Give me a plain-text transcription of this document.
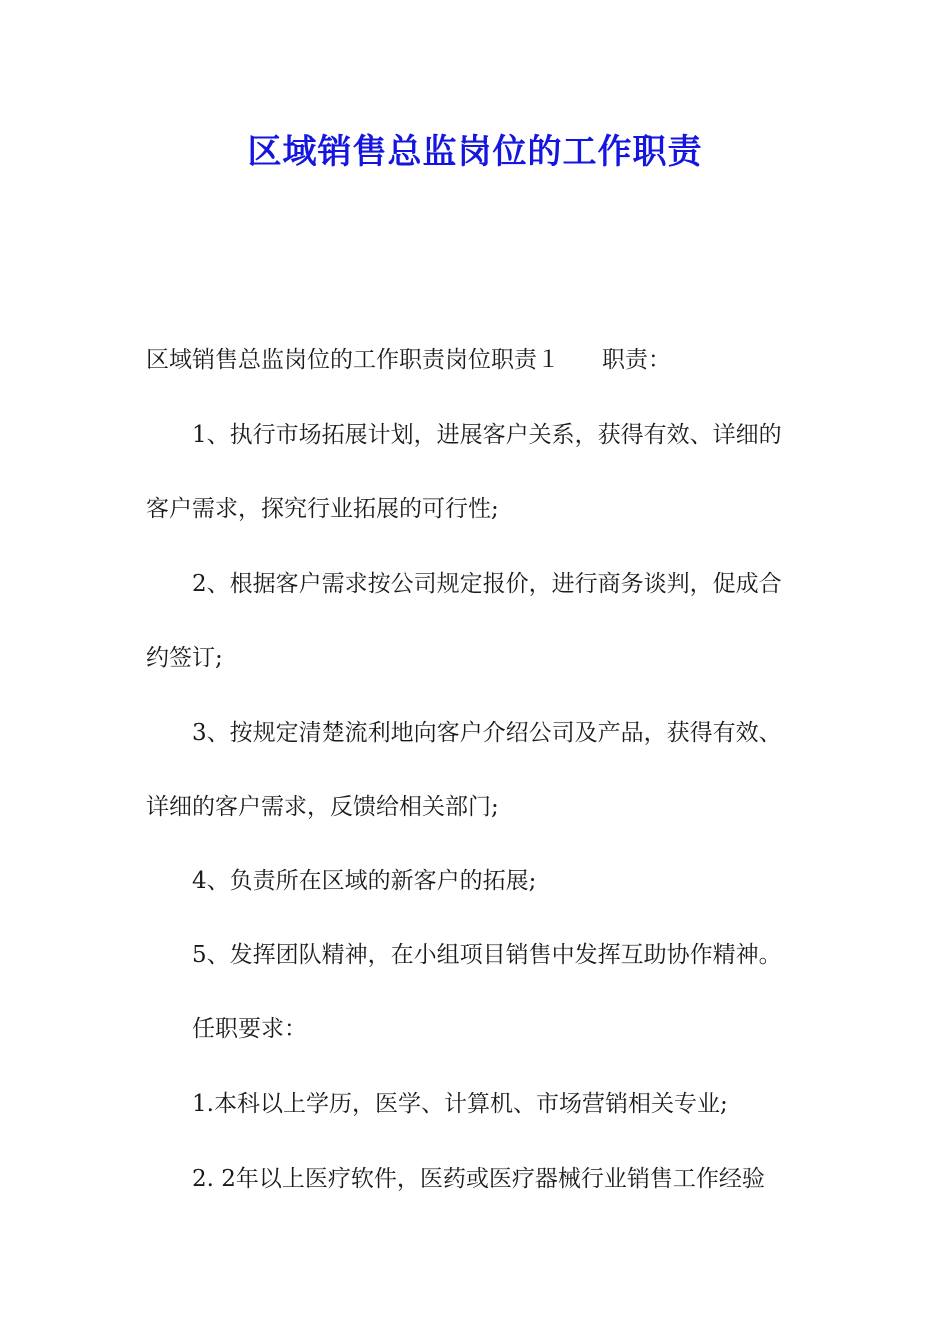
区域销售总监岗位的工作职责

区域销售总监岗位的工作职责岗位职责１ 职责：

1、执行市场拓展计划，进展客户关系，获得有效、详细的

客户需求，探究行业拓展的可行性;

2、根据客户需求按公司规定报价，进行商务谈判，促成合

约签订;

3、按规定清楚流利地向客户介绍公司及产品，获得有效、

详细的客户需求，反馈给相关部门;

4、负责所在区域的新客户的拓展;

5、发挥团队精神，在小组项目销售中发挥互助协作精神。

任职要求：

1.本科以上学历，医学、计算机、市场营销相关专业;

2. 2年以上医疗软件，医药或医疗器械行业销售工作经验
